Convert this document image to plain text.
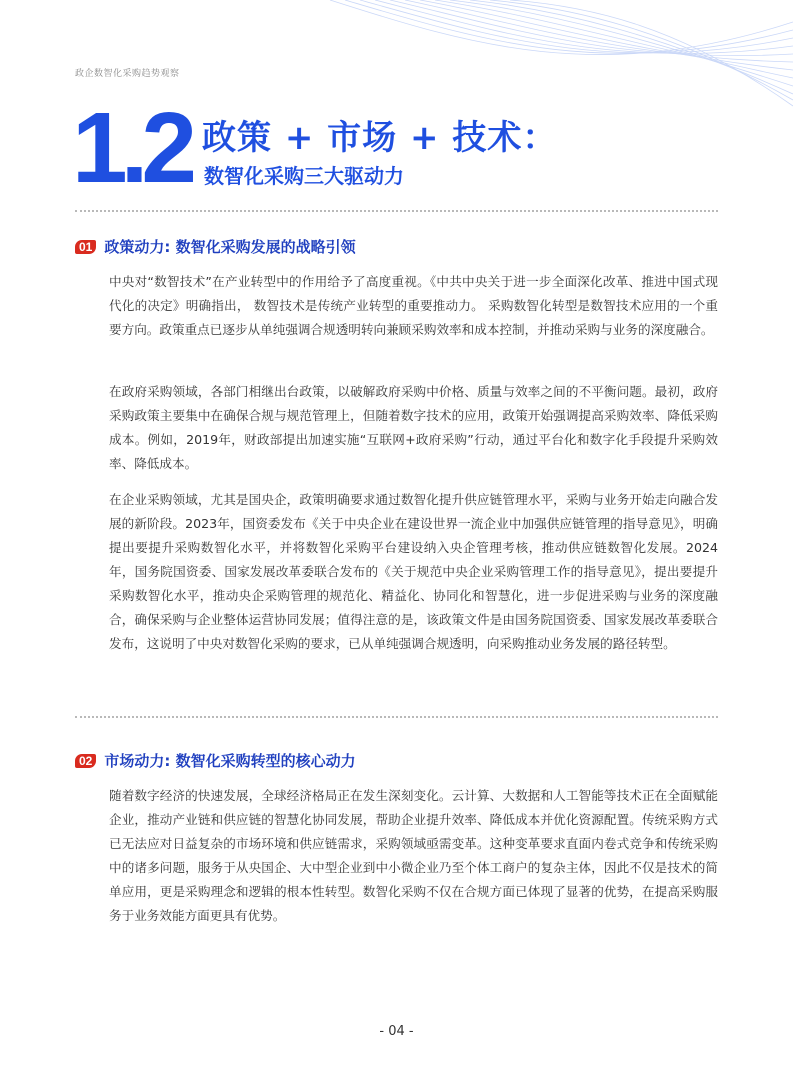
政企数智化采购趋势观察
1.2 政策 + 市场 + 技术：
数智化采购三大驱动力
01 政策动力: 数智化采购发展的战略引领

中央对“数智技术”在产业转型中的作用给予了高度重视。《中共中央关于进一步全面深化改革、推进中国式现代化的决定》明确指出， 数智技术是传统产业转型的重要推动力。 采购数智化转型是数智技术应用的一个重要方向。政策重点已逐步从单纯强调合规透明转向兼顾采购效率和成本控制，并推动采购与业务的深度融合。

在政府采购领域，各部门相继出台政策，以破解政府采购中价格、质量与效率之间的不平衡问题。最初，政府采购政策主要集中在确保合规与规范管理上，但随着数字技术的应用，政策开始强调提高采购效率、降低采购成本。例如，2019年，财政部提出加速实施“互联网+政府采购”行动，通过平台化和数字化手段提升采购效率、降低成本。

在企业采购领域，尤其是国央企，政策明确要求通过数智化提升供应链管理水平，采购与业务开始走向融合发展的新阶段。2023年，国资委发布《关于中央企业在建设世界一流企业中加强供应链管理的指导意见》，明确提出要提升采购数智化水平，并将数智化采购平台建设纳入央企管理考核，推动供应链数智化发展。2024年，国务院国资委、国家发展改革委联合发布的《关于规范中央企业采购管理工作的指导意见》，提出要提升采购数智化水平，推动央企采购管理的规范化、精益化、协同化和智慧化，进一步促进采购与业务的深度融合，确保采购与企业整体运营协同发展；值得注意的是，该政策文件是由国务院国资委、国家发展改革委联合发布，这说明了中央对数智化采购的要求，已从单纯强调合规透明，向采购推动业务发展的路径转型。

02 市场动力: 数智化采购转型的核心动力

随着数字经济的快速发展，全球经济格局正在发生深刻变化。云计算、大数据和人工智能等技术正在全面赋能企业，推动产业链和供应链的智慧化协同发展，帮助企业提升效率、降低成本并优化资源配置。传统采购方式已无法应对日益复杂的市场环境和供应链需求，采购领域亟需变革。这种变革要求直面内卷式竞争和传统采购中的诸多问题，服务于从央国企、大中型企业到中小微企业乃至个体工商户的复杂主体，因此不仅是技术的简单应用，更是采购理念和逻辑的根本性转型。数智化采购不仅在合规方面已体现了显著的优势，在提高采购服务于业务效能方面更具有优势。

- 04 -
